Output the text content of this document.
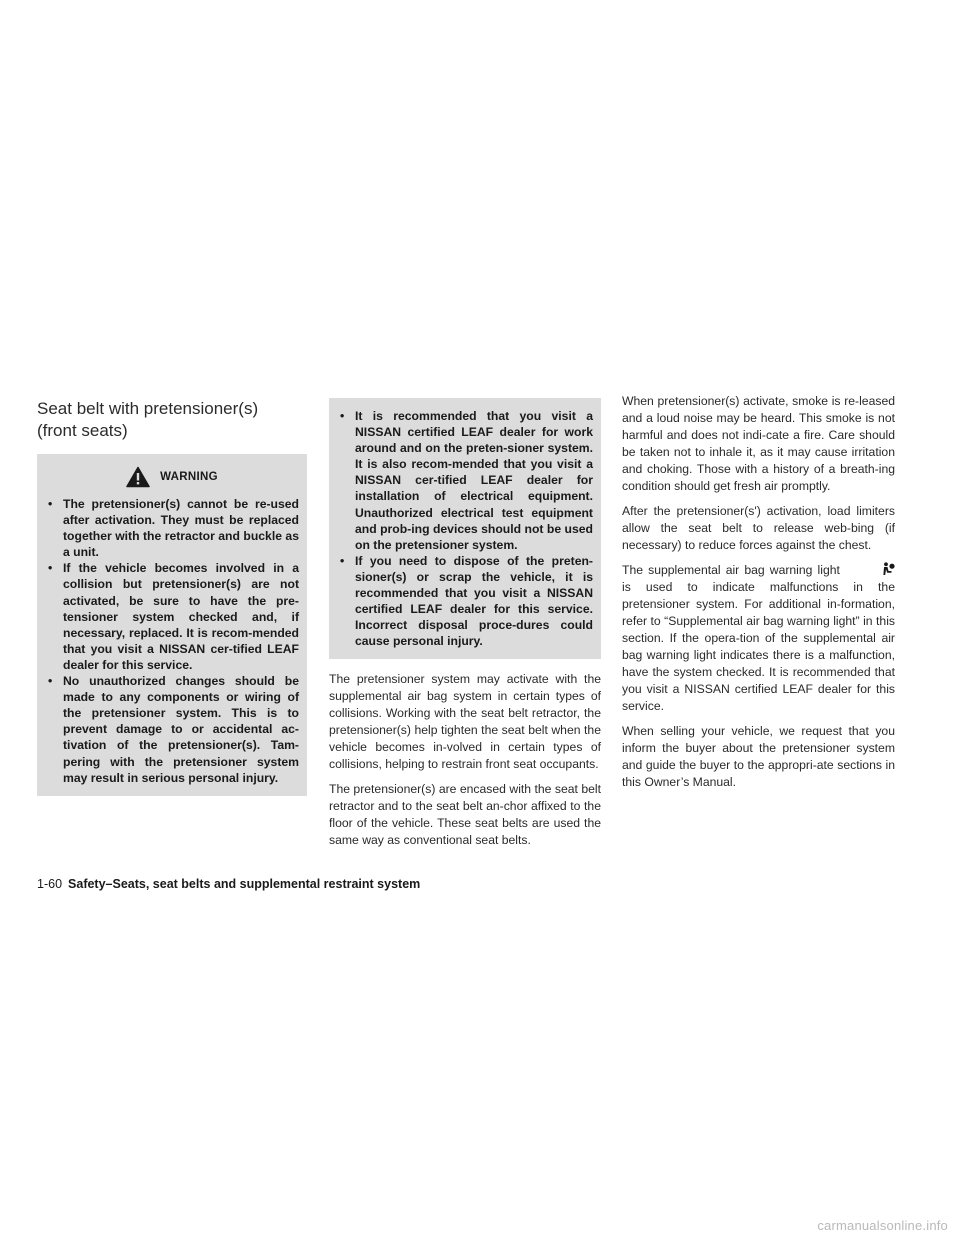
Seat belt with pretensioner(s)
(front seats)
WARNING
• The pretensioner(s) cannot be re-used after activation. They must be replaced together with the retractor and buckle as a unit.
• If the vehicle becomes involved in a collision but pretensioner(s) are not activated, be sure to have the pre-tensioner system checked and, if necessary, replaced. It is recom-mended that you visit a NISSAN cer-tified LEAF dealer for this service.
• No unauthorized changes should be made to any components or wiring of the pretensioner system. This is to prevent damage to or accidental ac-tivation of the pretensioner(s). Tam-pering with the pretensioner system may result in serious personal injury.
• It is recommended that you visit a NISSAN certified LEAF dealer for work around and on the preten-sioner system. It is also recom-mended that you visit a NISSAN cer-tified LEAF dealer for installation of electrical equipment. Unauthorized electrical test equipment and prob-ing devices should not be used on the pretensioner system.
• If you need to dispose of the preten-sioner(s) or scrap the vehicle, it is recommended that you visit a NISSAN certified LEAF dealer for this service. Incorrect disposal proce-dures could cause personal injury.

The pretensioner system may activate with the supplemental air bag system in certain types of collisions. Working with the seat belt retractor, the pretensioner(s) help tighten the seat belt when the vehicle becomes in-volved in certain types of collisions, helping to restrain front seat occupants.

The pretensioner(s) are encased with the seat belt retractor and to the seat belt an-chor affixed to the floor of the vehicle. These seat belts are used the same way as conventional seat belts.

When pretensioner(s) activate, smoke is re-leased and a loud noise may be heard. This smoke is not harmful and does not indi-cate a fire. Care should be taken not to inhale it, as it may cause irritation and choking. Those with a history of a breath-ing condition should get fresh air promptly.

After the pretensioner(s') activation, load limiters allow the seat belt to release web-bing (if necessary) to reduce forces against the chest.

The supplemental air bag warning light  is used to indicate malfunctions in the pretensioner system. For additional in-formation, refer to “Supplemental air bag warning light” in this section. If the opera-tion of the supplemental air bag warning light indicates there is a malfunction, have the system checked. It is recommended that you visit a NISSAN certified LEAF dealer for this service.

When selling your vehicle, we request that you inform the buyer about the pretensioner system and guide the buyer to the appropri-ate sections in this Owner’s Manual.

1-60 Safety–Seats, seat belts and supplemental restraint system
carmanualsonline.info
